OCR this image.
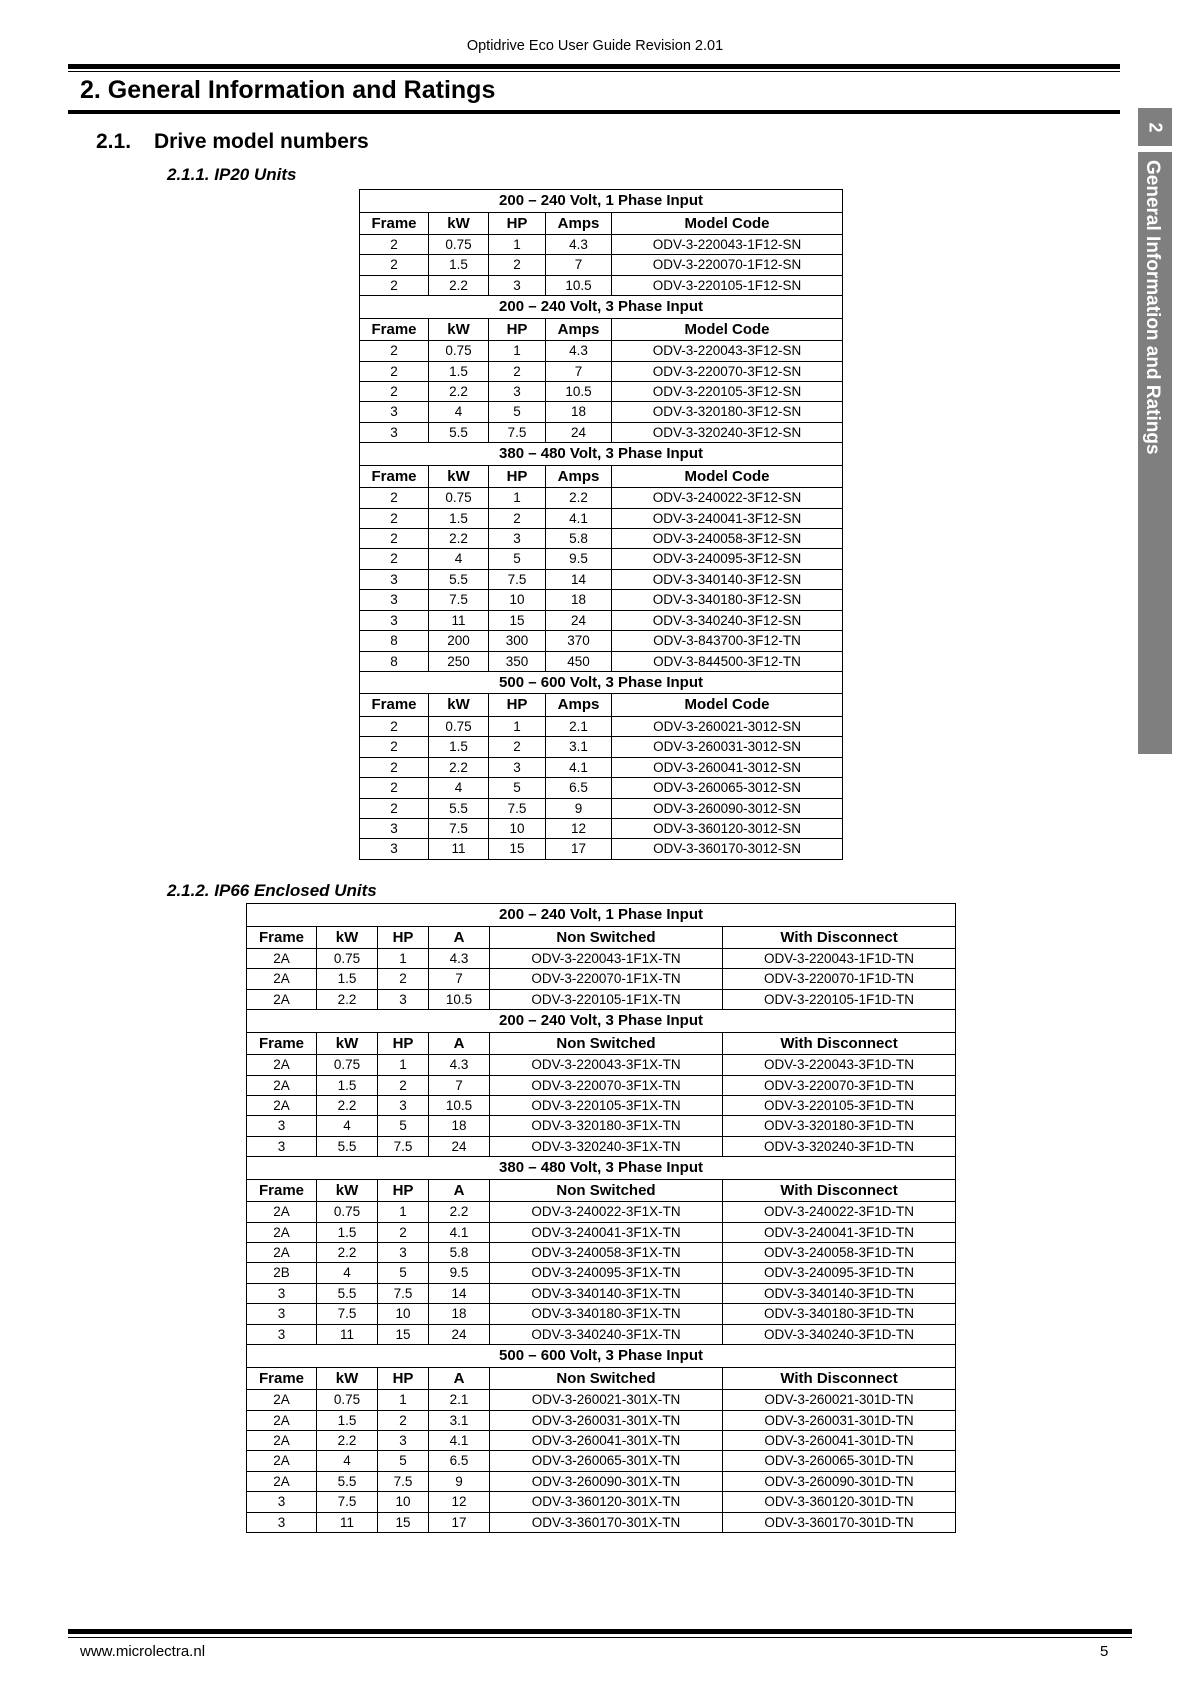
Optidrive Eco User Guide Revision 2.01
2. General Information and Ratings
2.1. Drive model numbers
2
General Information and Ratings
2.1.1. IP20 Units
200 – 240 Volt, 1 Phase Input				
Frame	kW	HP	Amps	Model Code
2	0.75	1	4.3	ODV-3-220043-1F12-SN
2	1.5	2	7	ODV-3-220070-1F12-SN
2	2.2	3	10.5	ODV-3-220105-1F12-SN
200 – 240 Volt, 3 Phase Input				
Frame	kW	HP	Amps	Model Code
2	0.75	1	4.3	ODV-3-220043-3F12-SN
2	1.5	2	7	ODV-3-220070-3F12-SN
2	2.2	3	10.5	ODV-3-220105-3F12-SN
3	4	5	18	ODV-3-320180-3F12-SN
3	5.5	7.5	24	ODV-3-320240-3F12-SN
380 – 480 Volt, 3 Phase Input				
Frame	kW	HP	Amps	Model Code
2	0.75	1	2.2	ODV-3-240022-3F12-SN
2	1.5	2	4.1	ODV-3-240041-3F12-SN
2	2.2	3	5.8	ODV-3-240058-3F12-SN
2	4	5	9.5	ODV-3-240095-3F12-SN
3	5.5	7.5	14	ODV-3-340140-3F12-SN
3	7.5	10	18	ODV-3-340180-3F12-SN
3	11	15	24	ODV-3-340240-3F12-SN
8	200	300	370	ODV-3-843700-3F12-TN
8	250	350	450	ODV-3-844500-3F12-TN
500 – 600 Volt, 3 Phase Input				
Frame	kW	HP	Amps	Model Code
2	0.75	1	2.1	ODV-3-260021-3012-SN
2	1.5	2	3.1	ODV-3-260031-3012-SN
2	2.2	3	4.1	ODV-3-260041-3012-SN
2	4	5	6.5	ODV-3-260065-3012-SN
2	5.5	7.5	9	ODV-3-260090-3012-SN
3	7.5	10	12	ODV-3-360120-3012-SN
3	11	15	17	ODV-3-360170-3012-SN
2.1.2. IP66 Enclosed Units
200 – 240 Volt, 1 Phase Input					
Frame	kW	HP	A	Non Switched	With Disconnect
2A	0.75	1	4.3	ODV-3-220043-1F1X-TN	ODV-3-220043-1F1D-TN
2A	1.5	2	7	ODV-3-220070-1F1X-TN	ODV-3-220070-1F1D-TN
2A	2.2	3	10.5	ODV-3-220105-1F1X-TN	ODV-3-220105-1F1D-TN
200 – 240 Volt, 3 Phase Input					
Frame	kW	HP	A	Non Switched	With Disconnect
2A	0.75	1	4.3	ODV-3-220043-3F1X-TN	ODV-3-220043-3F1D-TN
2A	1.5	2	7	ODV-3-220070-3F1X-TN	ODV-3-220070-3F1D-TN
2A	2.2	3	10.5	ODV-3-220105-3F1X-TN	ODV-3-220105-3F1D-TN
3	4	5	18	ODV-3-320180-3F1X-TN	ODV-3-320180-3F1D-TN
3	5.5	7.5	24	ODV-3-320240-3F1X-TN	ODV-3-320240-3F1D-TN
380 – 480 Volt, 3 Phase Input					
Frame	kW	HP	A	Non Switched	With Disconnect
2A	0.75	1	2.2	ODV-3-240022-3F1X-TN	ODV-3-240022-3F1D-TN
2A	1.5	2	4.1	ODV-3-240041-3F1X-TN	ODV-3-240041-3F1D-TN
2A	2.2	3	5.8	ODV-3-240058-3F1X-TN	ODV-3-240058-3F1D-TN
2B	4	5	9.5	ODV-3-240095-3F1X-TN	ODV-3-240095-3F1D-TN
3	5.5	7.5	14	ODV-3-340140-3F1X-TN	ODV-3-340140-3F1D-TN
3	7.5	10	18	ODV-3-340180-3F1X-TN	ODV-3-340180-3F1D-TN
3	11	15	24	ODV-3-340240-3F1X-TN	ODV-3-340240-3F1D-TN
500 – 600 Volt, 3 Phase Input					
Frame	kW	HP	A	Non Switched	With Disconnect
2A	0.75	1	2.1	ODV-3-260021-301X-TN	ODV-3-260021-301D-TN
2A	1.5	2	3.1	ODV-3-260031-301X-TN	ODV-3-260031-301D-TN
2A	2.2	3	4.1	ODV-3-260041-301X-TN	ODV-3-260041-301D-TN
2A	4	5	6.5	ODV-3-260065-301X-TN	ODV-3-260065-301D-TN
2A	5.5	7.5	9	ODV-3-260090-301X-TN	ODV-3-260090-301D-TN
3	7.5	10	12	ODV-3-360120-301X-TN	ODV-3-360120-301D-TN
3	11	15	17	ODV-3-360170-301X-TN	ODV-3-360170-301D-TN
www.microlectra.nl	5
